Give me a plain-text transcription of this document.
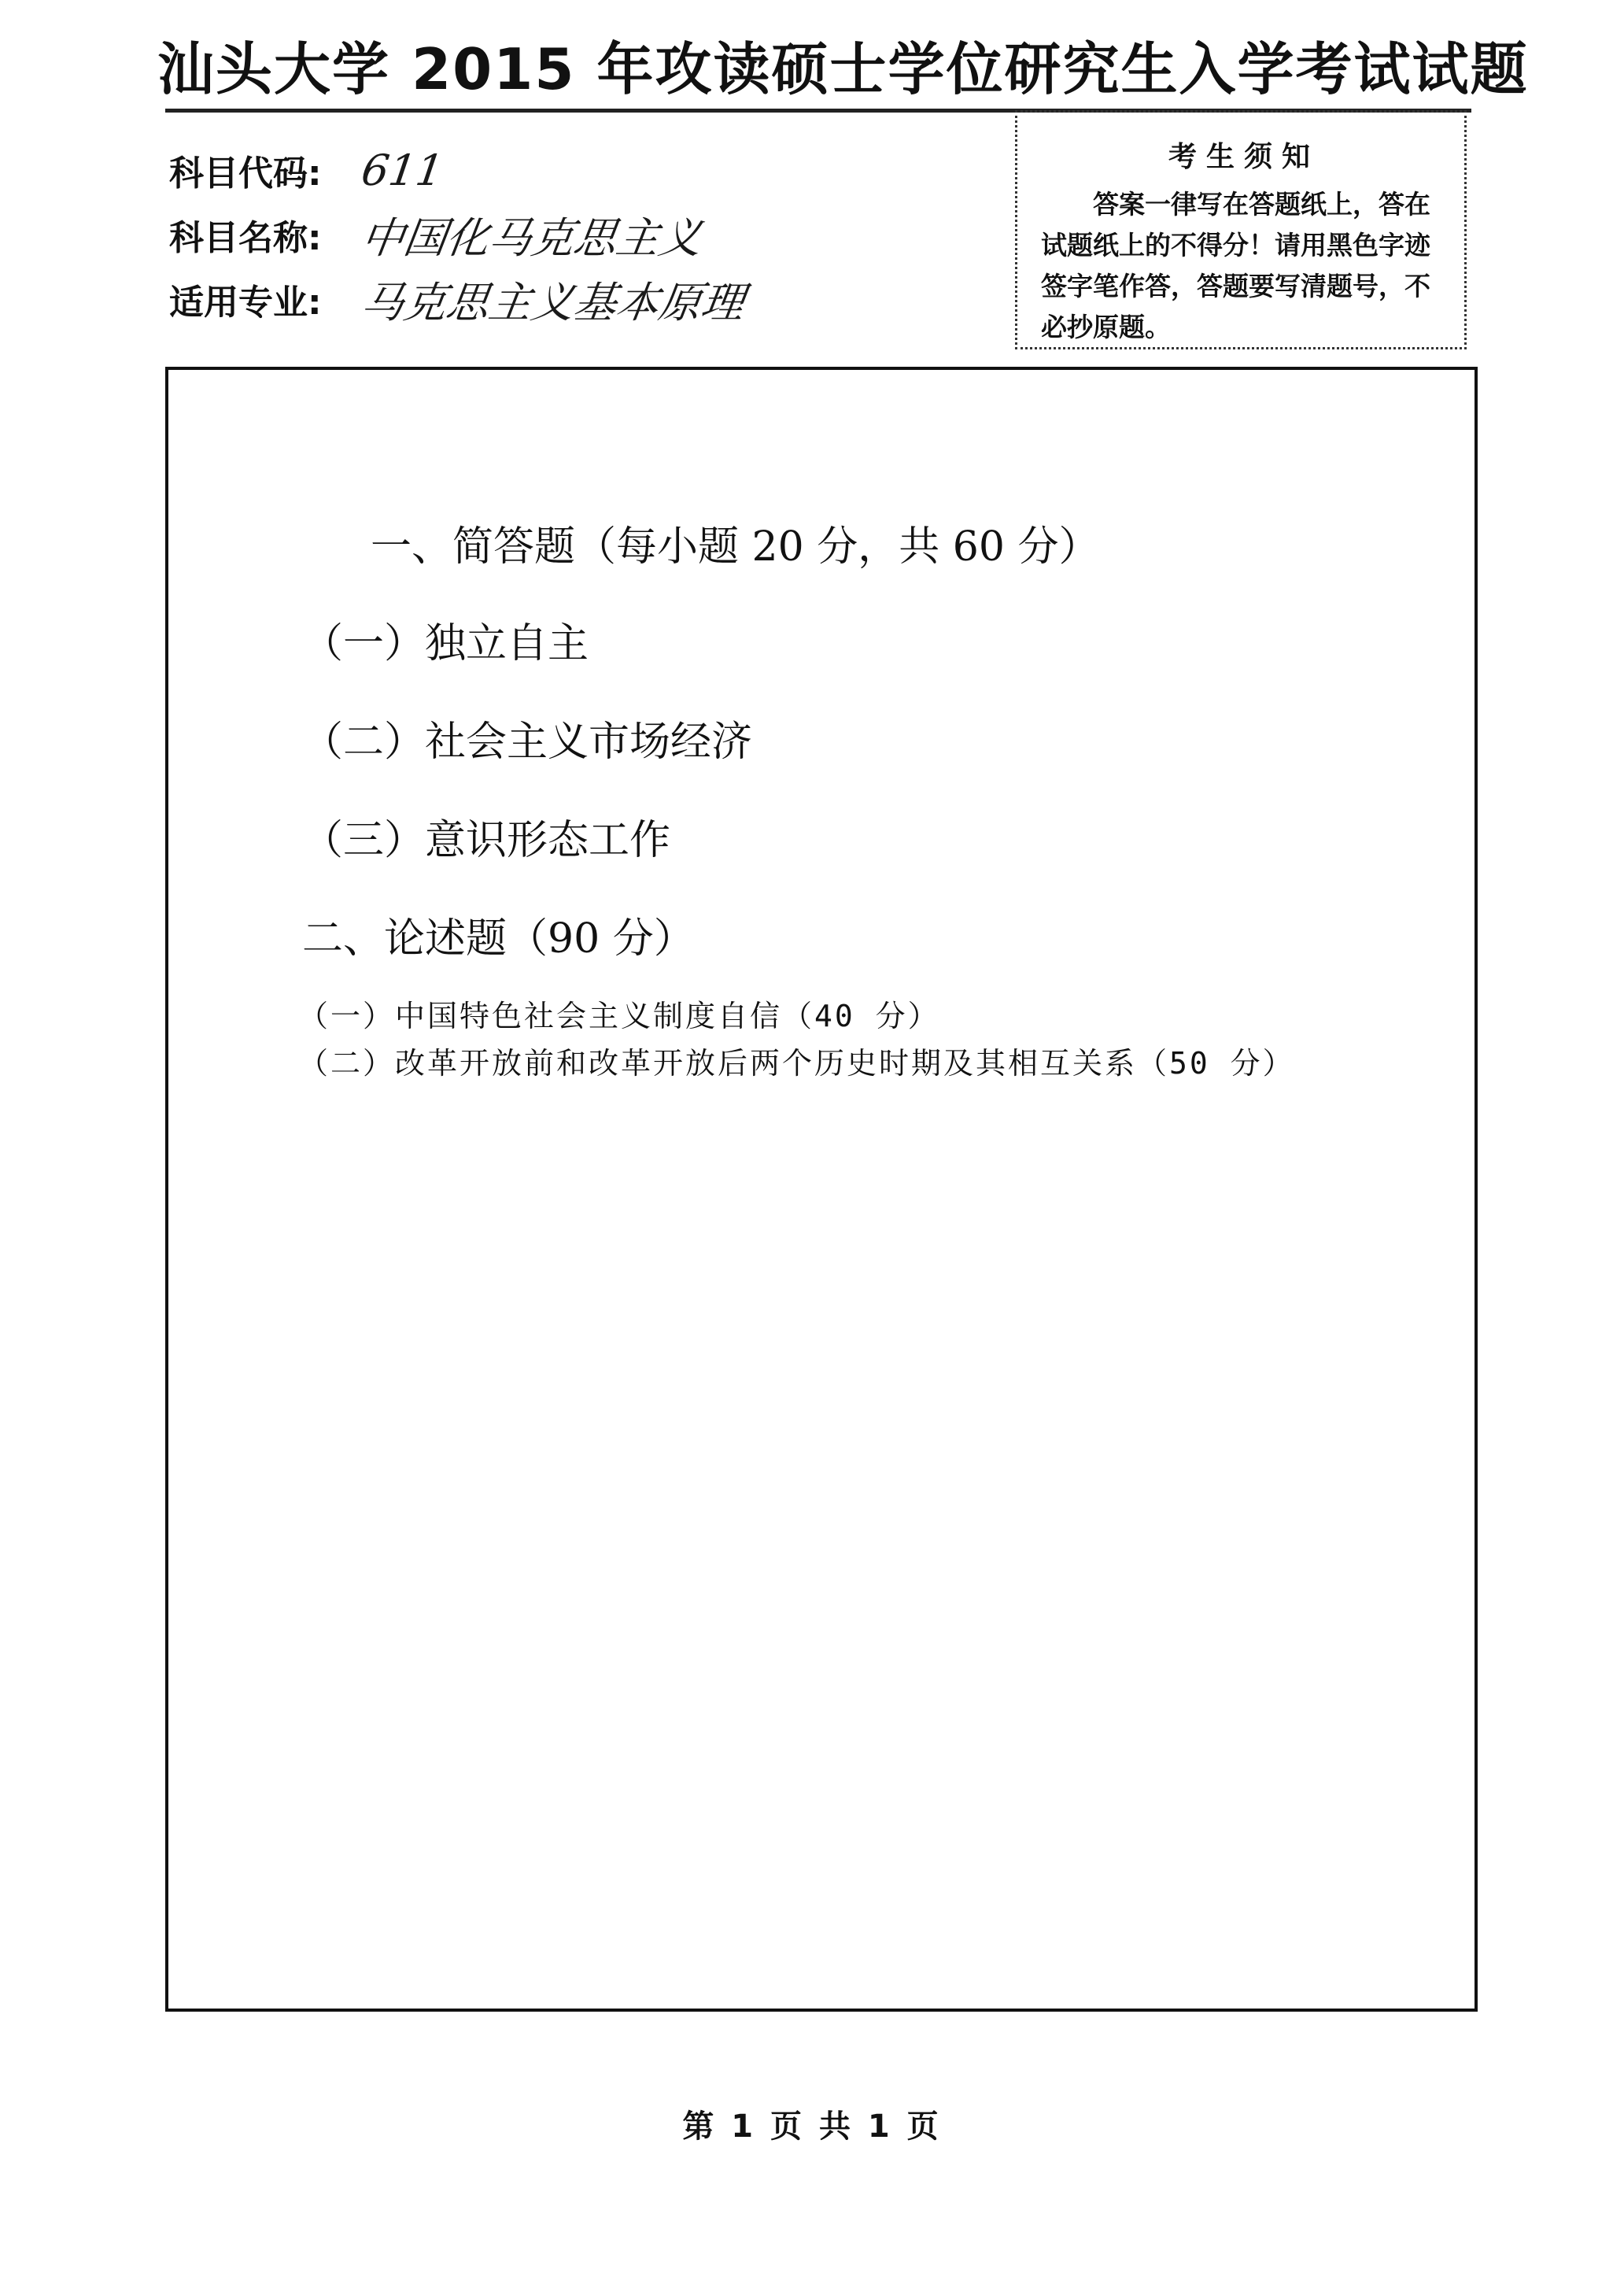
汕头大学 2015 年攻读硕士学位研究生入学考试试题
科目代码: 611
科目名称: 中国化马克思主义
适用专业: 马克思主义基本原理
考生须知
答案一律写在答题纸上，答在试题纸上的不得分！请用黑色字迹签字笔作答，答题要写清题号，不必抄原题。
一、简答题（每小题 20 分，共 60 分）
（一）独立自主
（二）社会主义市场经济
（三）意识形态工作
二、论述题（90 分）
（一）中国特色社会主义制度自信（40 分）
（二）改革开放前和改革开放后两个历史时期及其相互关系（50 分）
第 1 页 共 1 页
